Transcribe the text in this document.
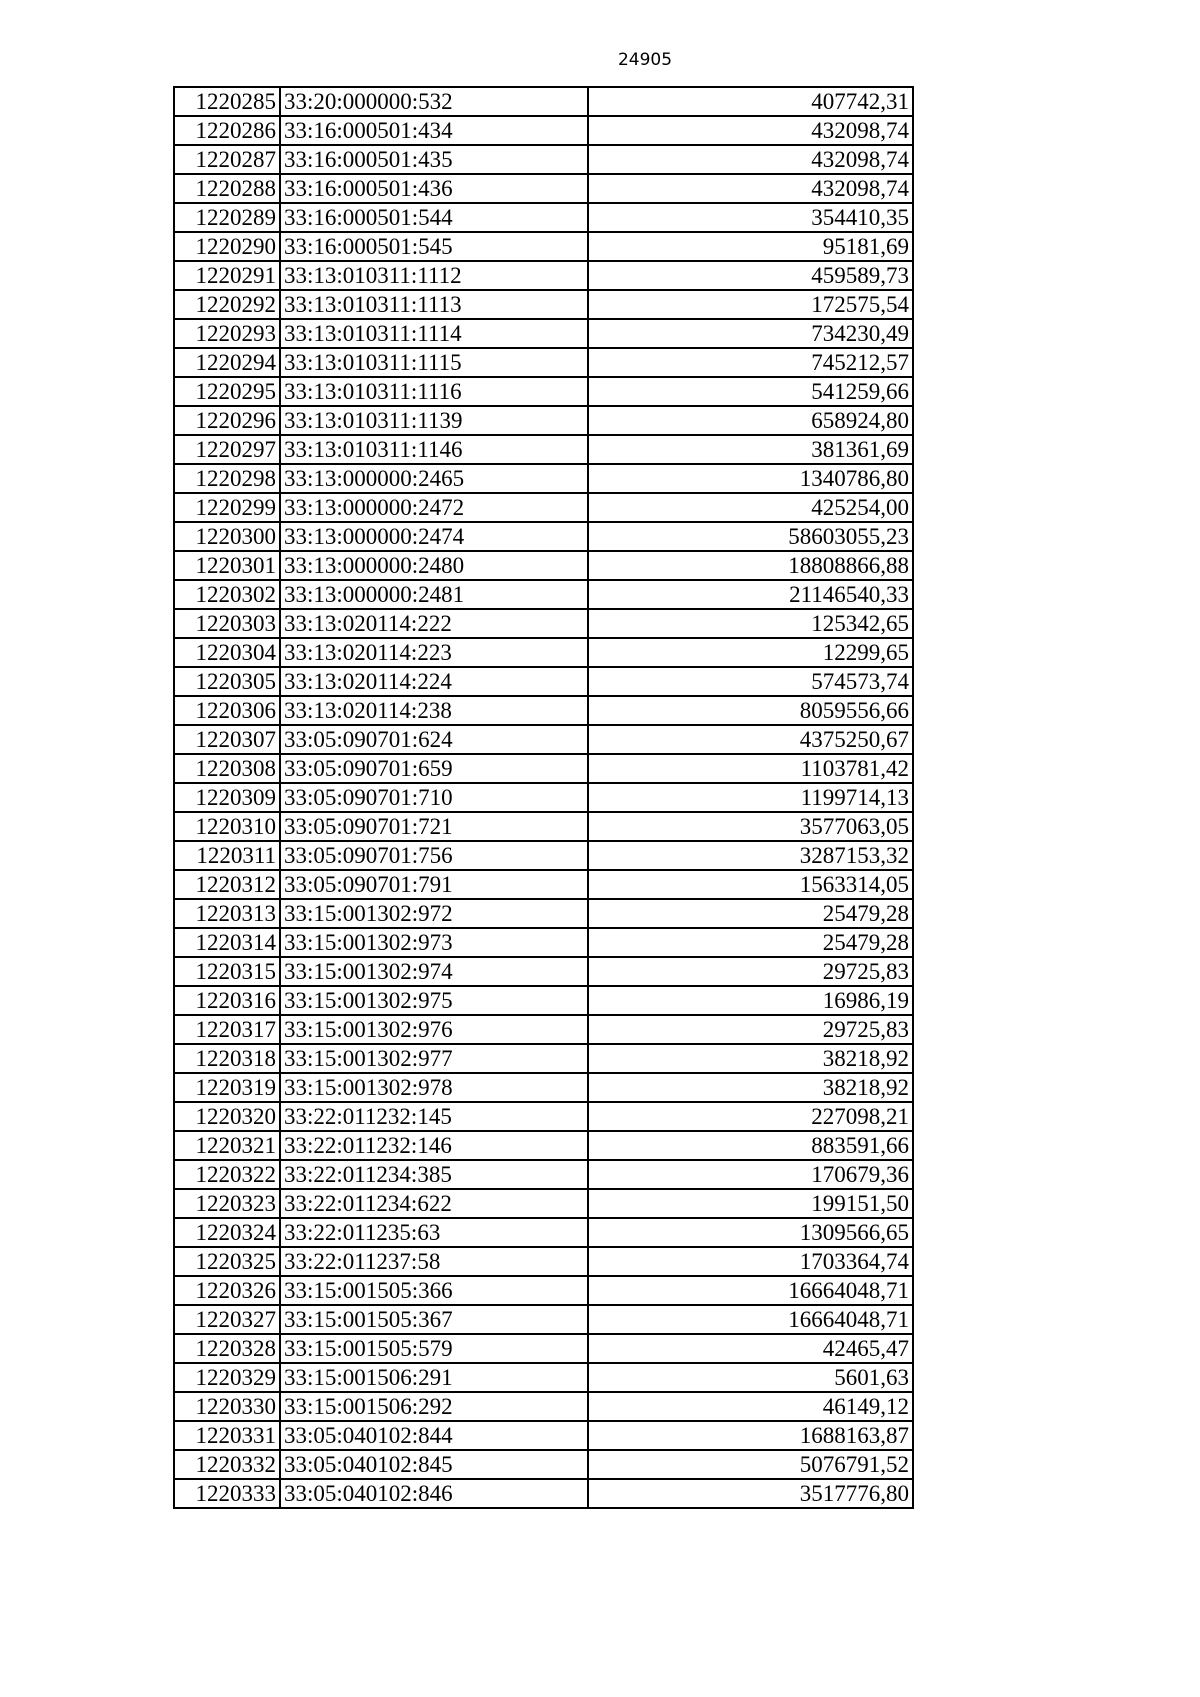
24905
1220285	33:20:000000:532	407742,31
1220286	33:16:000501:434	432098,74
1220287	33:16:000501:435	432098,74
1220288	33:16:000501:436	432098,74
1220289	33:16:000501:544	354410,35
1220290	33:16:000501:545	95181,69
1220291	33:13:010311:1112	459589,73
1220292	33:13:010311:1113	172575,54
1220293	33:13:010311:1114	734230,49
1220294	33:13:010311:1115	745212,57
1220295	33:13:010311:1116	541259,66
1220296	33:13:010311:1139	658924,80
1220297	33:13:010311:1146	381361,69
1220298	33:13:000000:2465	1340786,80
1220299	33:13:000000:2472	425254,00
1220300	33:13:000000:2474	58603055,23
1220301	33:13:000000:2480	18808866,88
1220302	33:13:000000:2481	21146540,33
1220303	33:13:020114:222	125342,65
1220304	33:13:020114:223	12299,65
1220305	33:13:020114:224	574573,74
1220306	33:13:020114:238	8059556,66
1220307	33:05:090701:624	4375250,67
1220308	33:05:090701:659	1103781,42
1220309	33:05:090701:710	1199714,13
1220310	33:05:090701:721	3577063,05
1220311	33:05:090701:756	3287153,32
1220312	33:05:090701:791	1563314,05
1220313	33:15:001302:972	25479,28
1220314	33:15:001302:973	25479,28
1220315	33:15:001302:974	29725,83
1220316	33:15:001302:975	16986,19
1220317	33:15:001302:976	29725,83
1220318	33:15:001302:977	38218,92
1220319	33:15:001302:978	38218,92
1220320	33:22:011232:145	227098,21
1220321	33:22:011232:146	883591,66
1220322	33:22:011234:385	170679,36
1220323	33:22:011234:622	199151,50
1220324	33:22:011235:63	1309566,65
1220325	33:22:011237:58	1703364,74
1220326	33:15:001505:366	16664048,71
1220327	33:15:001505:367	16664048,71
1220328	33:15:001505:579	42465,47
1220329	33:15:001506:291	5601,63
1220330	33:15:001506:292	46149,12
1220331	33:05:040102:844	1688163,87
1220332	33:05:040102:845	5076791,52
1220333	33:05:040102:846	3517776,80
